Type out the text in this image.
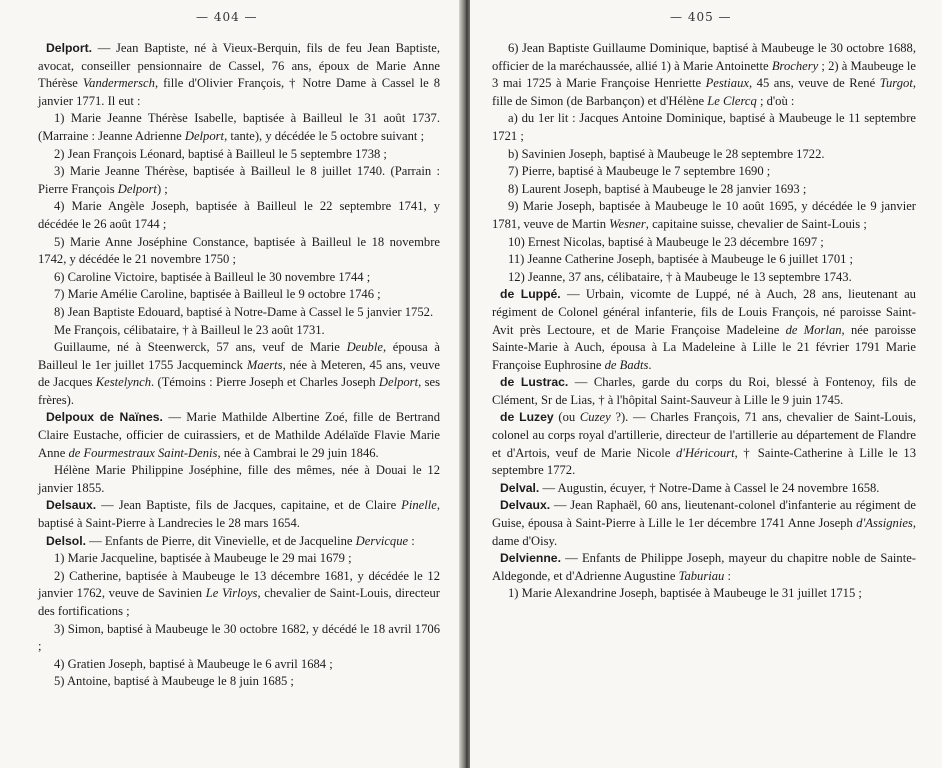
— 404 —

Delport. — Jean Baptiste, né à Vieux-Berquin, fils de feu Jean Baptiste, avocat, conseiller pensionnaire de Cassel, 76 ans, époux de Marie Anne Thérèse Vandermersch, fille d'Olivier François, † Notre Dame à Cassel le 8 janvier 1771. Il eut :

1) Marie Jeanne Thérèse Isabelle, baptisée à Bailleul le 31 août 1737. (Marraine : Jeanne Adrienne Delport, tante), y décédée le 5 octobre suivant ;

2) Jean François Léonard, baptisé à Bailleul le 5 septembre 1738 ;

3) Marie Jeanne Thérèse, baptisée à Bailleul le 8 juillet 1740. (Parrain : Pierre François Delport) ;

4) Marie Angèle Joseph, baptisée à Bailleul le 22 septembre 1741, y décédée le 26 août 1744 ;

5) Marie Anne Joséphine Constance, baptisée à Bailleul le 18 novembre 1742, y décédée le 21 novembre 1750 ;

6) Caroline Victoire, baptisée à Bailleul le 30 novembre 1744 ;

7) Marie Amélie Caroline, baptisée à Bailleul le 9 octobre 1746 ;

8) Jean Baptiste Edouard, baptisé à Notre-Dame à Cassel le 5 janvier 1752.

Me François, célibataire, † à Bailleul le 23 août 1731.

Guillaume, né à Steenwerck, 57 ans, veuf de Marie Deuble, épousa à Bailleul le 1er juillet 1755 Jacqueminck Maerts, née à Meteren, 45 ans, veuve de Jacques Kestelynch. (Témoins : Pierre Joseph et Charles Joseph Delport, ses frères).

Delpoux de Naïnes. — Marie Mathilde Albertine Zoé, fille de Bertrand Claire Eustache, officier de cuirassiers, et de Mathilde Adélaïde Flavie Marie Anne de Fourmestraux Saint-Denis, née à Cambrai le 29 juin 1846.

Hélène Marie Philippine Joséphine, fille des mêmes, née à Douai le 12 janvier 1855.

Delsaux. — Jean Baptiste, fils de Jacques, capitaine, et de Claire Pinelle, baptisé à Saint-Pierre à Landrecies le 28 mars 1654.

Delsol. — Enfants de Pierre, dit Vinevielle, et de Jacqueline Dervicque :

1) Marie Jacqueline, baptisée à Maubeuge le 29 mai 1679 ;

2) Catherine, baptisée à Maubeuge le 13 décembre 1681, y décédée le 12 janvier 1762, veuve de Savinien Le Virloys, chevalier de Saint-Louis, directeur des fortifications ;

3) Simon, baptisé à Maubeuge le 30 octobre 1682, y décédé le 18 avril 1706 ;

4) Gratien Joseph, baptisé à Maubeuge le 6 avril 1684 ;

5) Antoine, baptisé à Maubeuge le 8 juin 1685 ;

— 405 —

6) Jean Baptiste Guillaume Dominique, baptisé à Maubeuge le 30 octobre 1688, officier de la maréchaussée, allié 1) à Marie Antoinette Brochery ; 2) à Maubeuge le 3 mai 1725 à Marie Françoise Henriette Pestiaux, 45 ans, veuve de René Turgot, fille de Simon (de Barbançon) et d'Hélène Le Clercq ; d'où :

a) du 1er lit : Jacques Antoine Dominique, baptisé à Maubeuge le 11 septembre 1721 ;

b) Savinien Joseph, baptisé à Maubeuge le 28 septembre 1722.

7) Pierre, baptisé à Maubeuge le 7 septembre 1690 ;

8) Laurent Joseph, baptisé à Maubeuge le 28 janvier 1693 ;

9) Marie Joseph, baptisée à Maubeuge le 10 août 1695, y décédée le 9 janvier 1781, veuve de Martin Wesner, capitaine suisse, chevalier de Saint-Louis ;

10) Ernest Nicolas, baptisé à Maubeuge le 23 décembre 1697 ;

11) Jeanne Catherine Joseph, baptisée à Maubeuge le 6 juillet 1701 ;

12) Jeanne, 37 ans, célibataire, † à Maubeuge le 13 septembre 1743.

de Luppé. — Urbain, vicomte de Luppé, né à Auch, 28 ans, lieutenant au régiment de Colonel général infanterie, fils de Louis François, né paroisse Saint-Avit près Lectoure, et de Marie Françoise Madeleine de Morlan, née paroisse Sainte-Marie à Auch, épousa à La Madeleine à Lille le 21 février 1791 Marie Françoise Euphrosine de Badts.

de Lustrac. — Charles, garde du corps du Roi, blessé à Fontenoy, fils de Clément, Sr de Lias, † à l'hôpital Saint-Sauveur à Lille le 9 juin 1745.

de Luzey (ou Cuzey ?). — Charles François, 71 ans, chevalier de Saint-Louis, colonel au corps royal d'artillerie, directeur de l'artillerie au département de Flandre et d'Artois, veuf de Marie Nicole d'Héricourt, † Sainte-Catherine à Lille le 13 septembre 1772.

Delval. — Augustin, écuyer, † Notre-Dame à Cassel le 24 novembre 1658.

Delvaux. — Jean Raphaël, 60 ans, lieutenant-colonel d'infanterie au régiment de Guise, épousa à Saint-Pierre à Lille le 1er décembre 1741 Anne Joseph d'Assignies, dame d'Oisy.

Delvienne. — Enfants de Philippe Joseph, mayeur du chapitre noble de Sainte-Aldegonde, et d'Adrienne Augustine Taburiau :

1) Marie Alexandrine Joseph, baptisée à Maubeuge le 31 juillet 1715 ;
